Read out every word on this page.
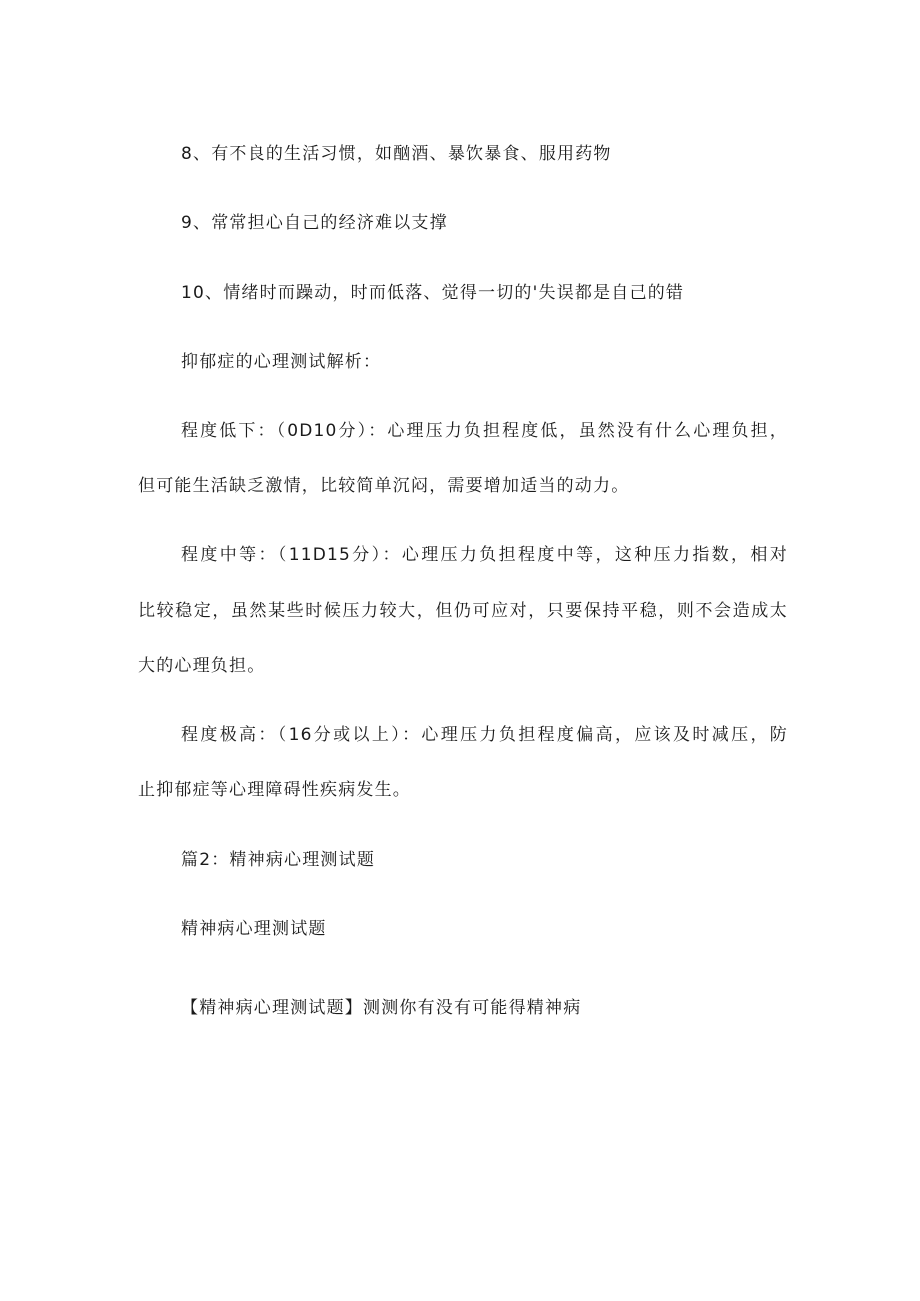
8、有不良的生活习惯，如酗酒、暴饮暴食、服用药物
9、常常担心自己的经济难以支撑
10、情绪时而躁动，时而低落、觉得一切的'失误都是自己的错
抑郁症的心理测试解析：
程度低下：（0D10分）：心理压力负担程度低，虽然没有什么心理负担，
但可能生活缺乏激情，比较简单沉闷，需要增加适当的动力。
程度中等：（11D15分）：心理压力负担程度中等，这种压力指数，相对
比较稳定，虽然某些时候压力较大，但仍可应对，只要保持平稳，则不会造成太
大的心理负担。
程度极高：（16分或以上）：心理压力负担程度偏高，应该及时减压，防
止抑郁症等心理障碍性疾病发生。
篇2：精神病心理测试题
精神病心理测试题
【精神病心理测试题】测测你有没有可能得精神病
